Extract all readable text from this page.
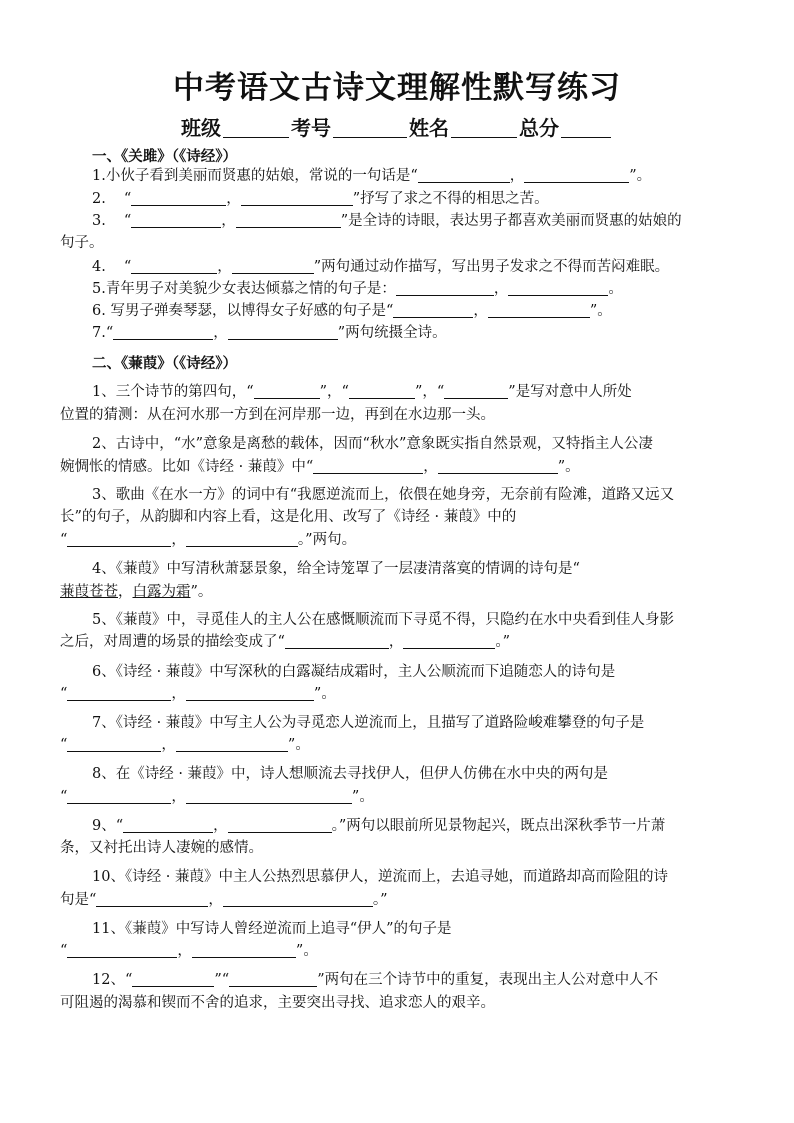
中考语文古诗文理解性默写练习
班级	考号	姓名	总分
一、《关雎》（《诗经》）
1.小伙子看到美丽而贤惠的姑娘，常说的一句话是“	，	”。
2. “	，	”抒写了求之不得的相思之苦。
3. “	，	”是全诗的诗眼，表达男子都喜欢美丽而贤惠的姑娘的
句子。
4. “	，	”两句通过动作描写，写出男子发求之不得而苦闷难眠。
5.青年男子对美貌少女表达倾慕之情的句子是：	，	。
6. 写男子弹奏琴瑟，以博得女子好感的句子是“	，	”。
7.“	，	”两句统摄全诗。
二、《蒹葭》（《诗经》）
1、三个诗节的第四句，“	”，“	”，“	”是写对意中人所处
位置的猜测：从在河水那一方到在河岸那一边，再到在水边那一头。
2、古诗中，“水”意象是离愁的载体，因而“秋水”意象既实指自然景观，又特指主人公凄
婉惆怅的情感。比如《诗经 · 蒹葭》中“	，	”。
3、歌曲《在水一方》的词中有“我愿逆流而上，依偎在她身旁，无奈前有险滩，道路又远又
长”的句子，从韵脚和内容上看，这是化用、改写了《诗经 · 蒹葭》中的
“	，	。”两句。
4、《蒹葭》中写清秋萧瑟景象，给全诗笼罩了一层凄清落寞的情调的诗句是“
蒹葭苍苍，白露为霜”。
5、《蒹葭》中，寻觅佳人的主人公在感慨顺流而下寻觅不得，只隐约在水中央看到佳人身影
之后，对周遭的场景的描绘变成了“	，	。”
6、《诗经 · 蒹葭》中写深秋的白露凝结成霜时，主人公顺流而下追随恋人的诗句是
“	，	”。
7、《诗经 · 蒹葭》中写主人公为寻觅恋人逆流而上，且描写了道路险峻难攀登的句子是
“	，	”。
8、在《诗经 · 蒹葭》中，诗人想顺流去寻找伊人，但伊人仿佛在水中央的两句是
“	，	”。
9、“	，	。”两句以眼前所见景物起兴，既点出深秋季节一片萧
条，又衬托出诗人凄婉的感情。
10、《诗经 · 蒹葭》中主人公热烈思慕伊人，逆流而上，去追寻她，而道路却高而险阻的诗
句是“	，	。”
11、《蒹葭》中写诗人曾经逆流而上追寻“伊人”的句子是
“	，	”。
12、“	”“	”两句在三个诗节中的重复，表现出主人公对意中人不
可阻遏的渴慕和锲而不舍的追求，主要突出寻找、追求恋人的艰辛。
